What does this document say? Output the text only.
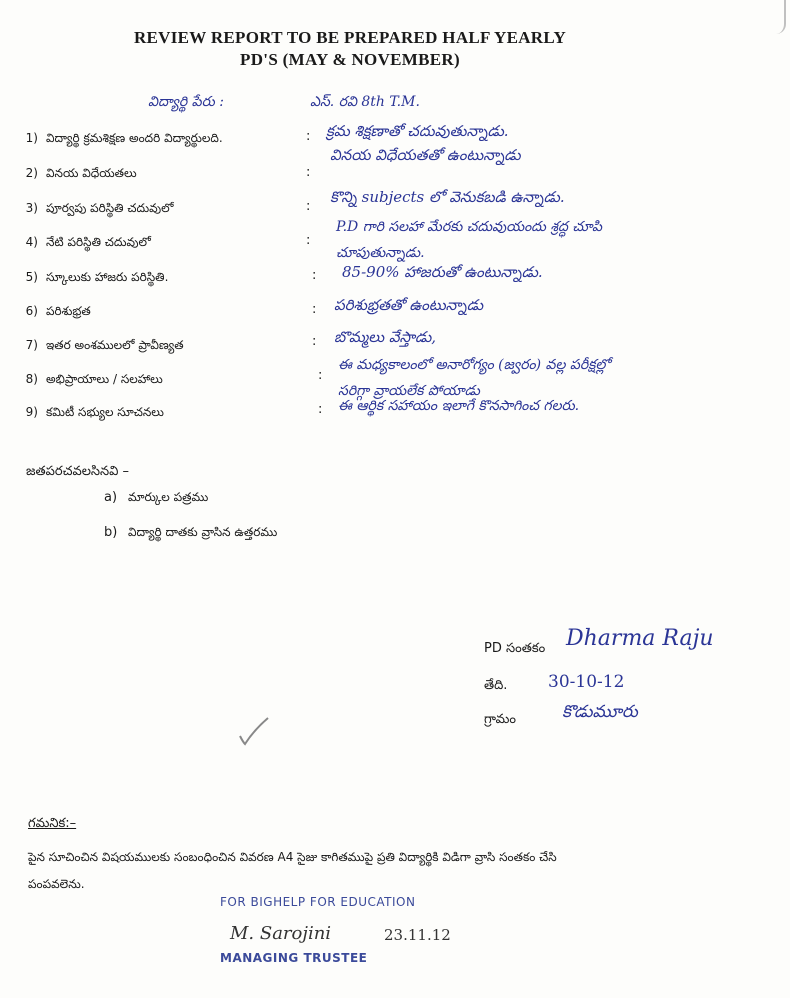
REVIEW REPORT TO BE PREPARED HALF YEARLY
PD'S (MAY & NOVEMBER)
విద్యార్థి పేరు :	ఎస్. రవి 8th T.M.
1) విద్యార్థి క్రమశిక్షణ అందరి విద్యార్థులది.	: క్రమ శిక్షణాతో చదువుతున్నాడు.
2) వినయ విధేయతలు	:
వినయ విధేయతతో ఉంటున్నాడు
3) పూర్వపు పరిస్థితి చదువులో	:
కొన్ని subjects లో వెనుకబడి ఉన్నాడు.
4) నేటి పరిస్థితి చదువులో	:
P.D గారి సలహా మేరకు చదువుయందు శ్రద్ధ చూపి
చూపుతున్నాడు.
5) స్కూలుకు హాజరు పరిస్థితి.	: 85-90% హాజరుతో ఉంటున్నాడు.
6) పరిశుభ్రత	: పరిశుభ్రతతో ఉంటున్నాడు
7) ఇతర అంశములలో ప్రావీణ్యత	: బొమ్మలు వేస్తాడు,
8) అభిప్రాయాలు / సలహాలు	:
ఈ మధ్యకాలంలో అనారోగ్యం (జ్వరం) వల్ల పరీక్షల్లో
సరిగ్గా వ్రాయలేక పోయాడు
9) కమిటీ సభ్యుల సూచనలు	: ఈ ఆర్థిక సహాయం ఇలాగే కొనసాగించ గలరు.
జతపరచవలసినవి –
a) మార్కుల పత్రము
b) విద్యార్థి దాతకు వ్రాసిన ఉత్తరము
PD సంతకం Dharma Raju
తేది. 30-10-12
గ్రామం	కొడుమూరు
గమనిక:–
పైన సూచించిన విషయములకు సంబంధించిన వివరణ A4 సైజు కాగితముపై ప్రతి విద్యార్థికి విడిగా వ్రాసి సంతకం చేసి
పంపవలెను.
FOR BIGHELP FOR EDUCATION
M. Sarojini	23.11.12
MANAGING TRUSTEE
